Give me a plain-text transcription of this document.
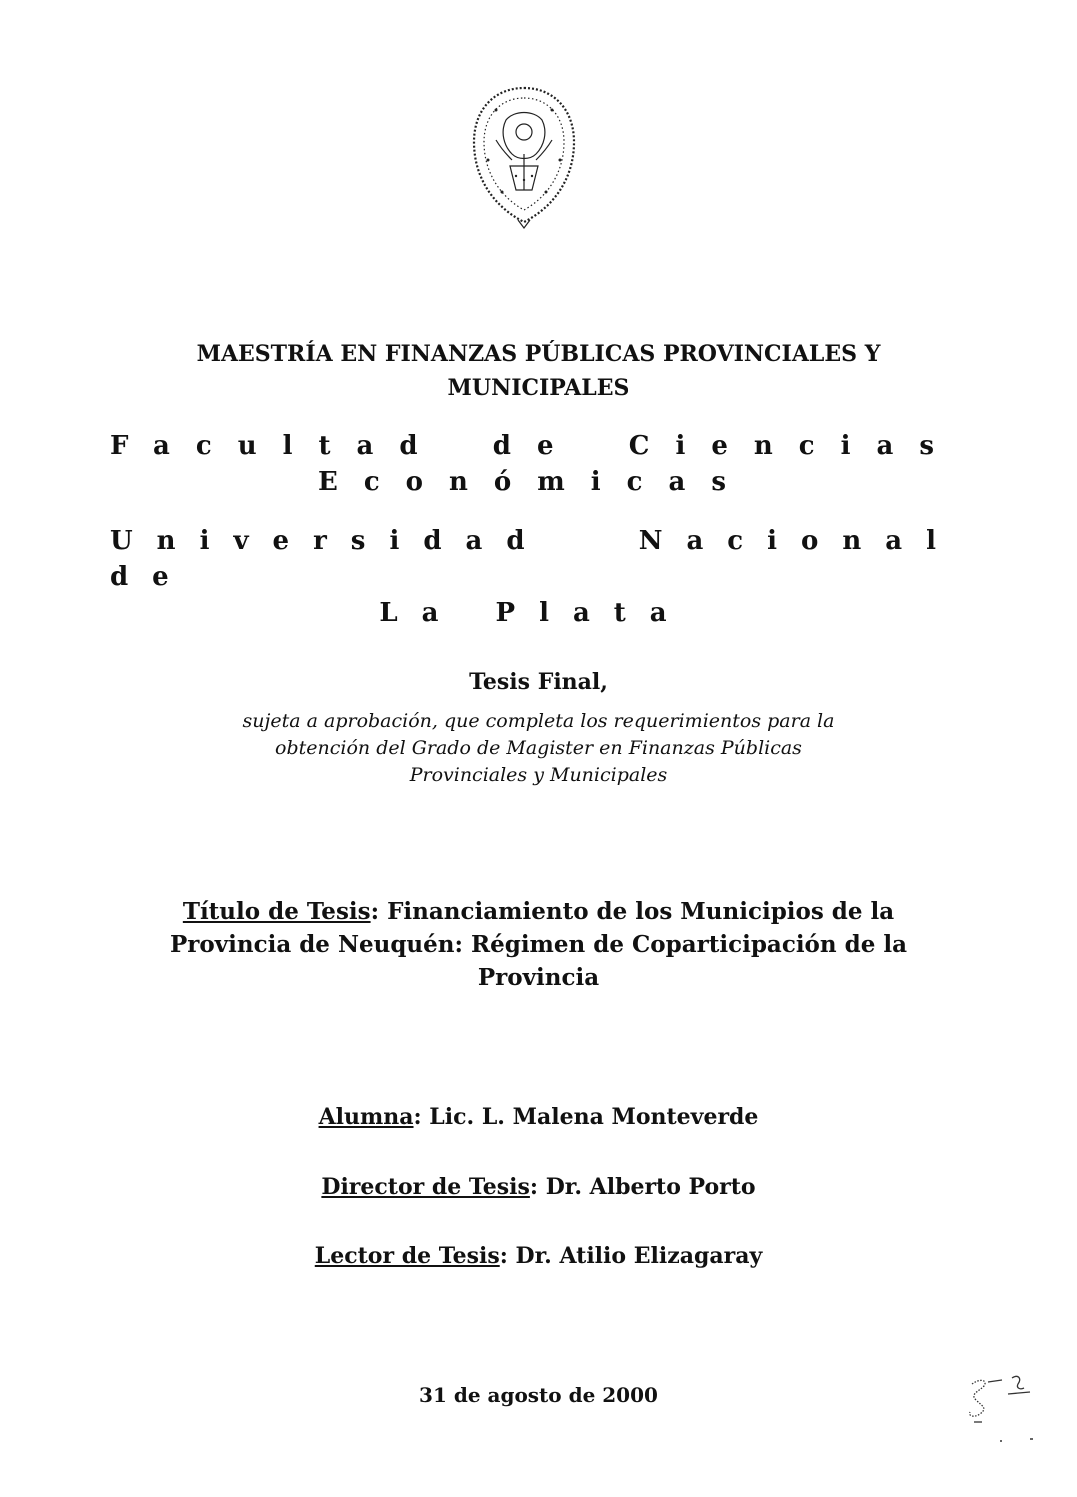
MAESTRÍA EN FINANZAS PÚBLICAS PROVINCIALES Y
MUNICIPALES
Facultad de Ciencias
Económicas
Universidad Nacional de
La Plata
Tesis Final,
sujeta a aprobación, que completa los requerimientos para la
obtención del Grado de Magister en Finanzas Públicas
Provinciales y Municipales
Título de Tesis: Financiamiento de los Municipios de la
Provincia de Neuquén: Régimen de Coparticipación de la
Provincia
Alumna: Lic. L. Malena Monteverde
Director de Tesis: Dr. Alberto Porto
Lector de Tesis: Dr. Atilio Elizagaray
31 de agosto de 2000
